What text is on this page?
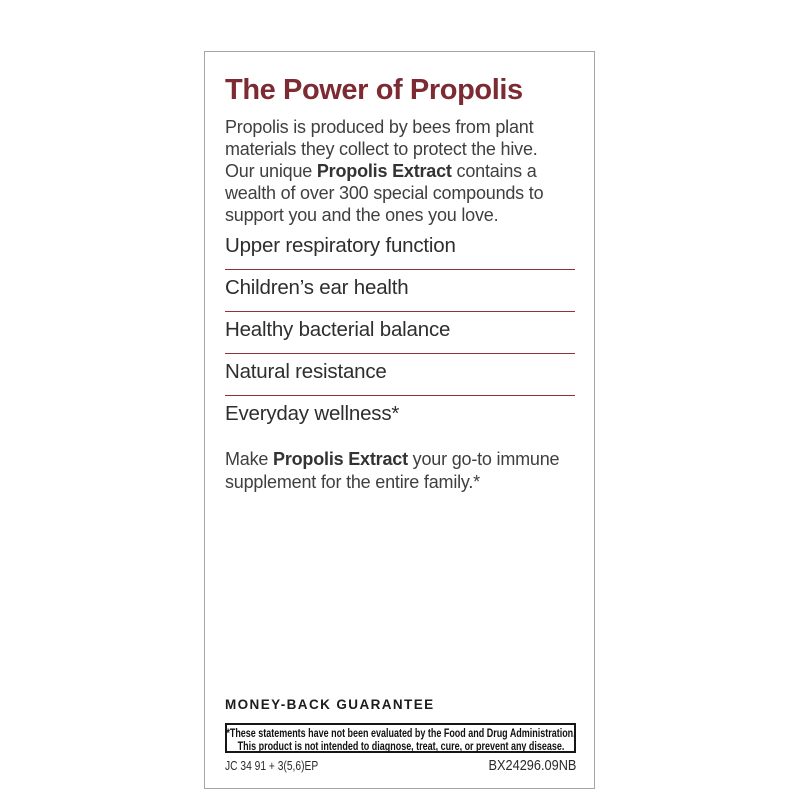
The Power of Propolis
Propolis is produced by bees from plant
materials they collect to protect the hive.
Our unique Propolis Extract contains a
wealth of over 300 special compounds to
support you and the ones you love.
Upper respiratory function
Children’s ear health
Healthy bacterial balance
Natural resistance
Everyday wellness*
Make Propolis Extract your go-to immune
supplement for the entire family.*
MONEY-BACK GUARANTEE
*These statements have not been evaluated by the Food and Drug Administration.
This product is not intended to diagnose, treat, cure, or prevent any disease.
JC 34 91 + 3(5,6)EP	BX24296.09NB
